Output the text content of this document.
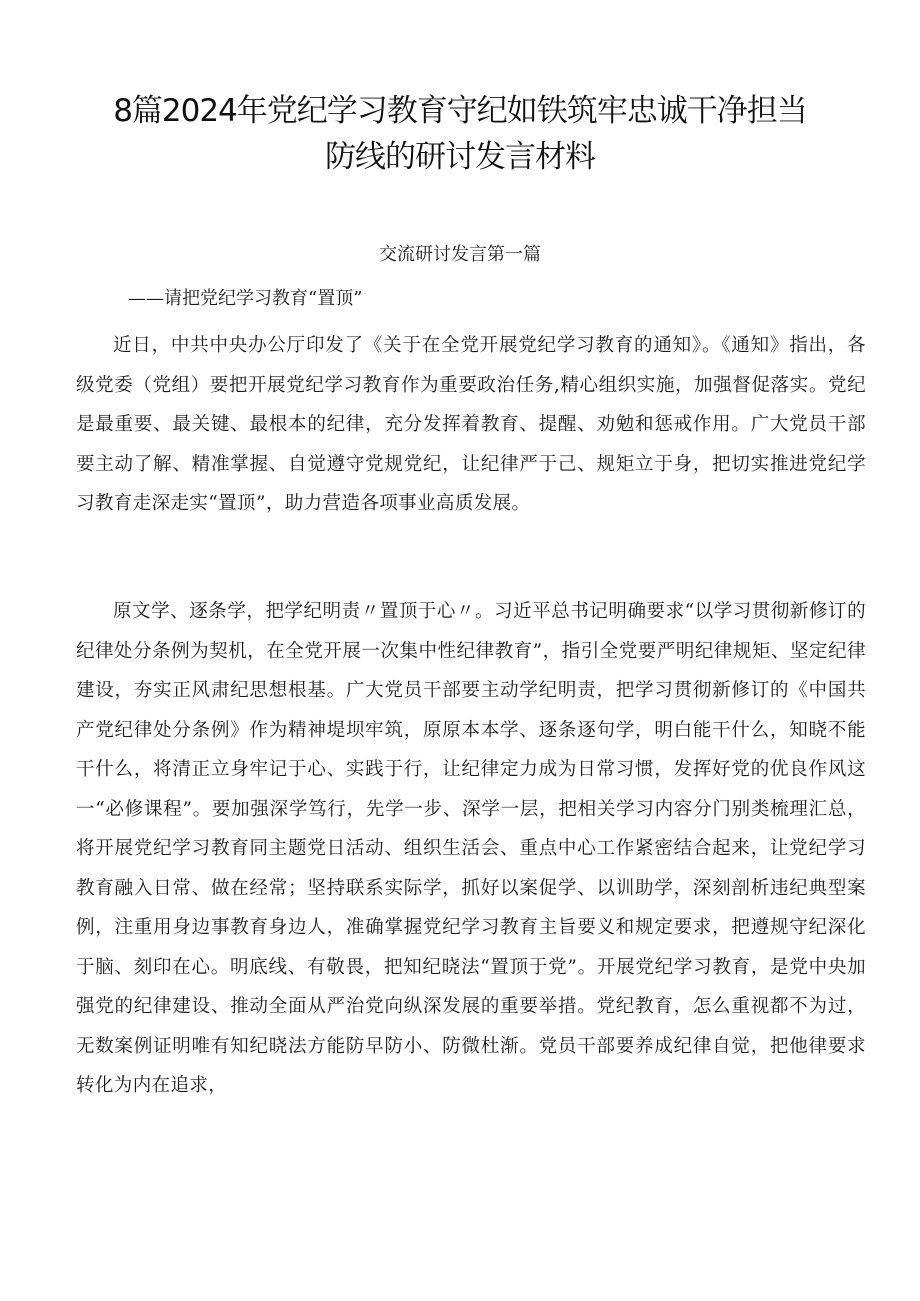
8篇2024年党纪学习教育守纪如铁筑牢忠诚干净担当
防线的研讨发言材料
交流研讨发言第一篇
——请把党纪学习教育“置顶”

近日，中共中央办公厅印发了《关于在全党开展党纪学习教育的通知》。《通知》指出，各级党委（党组）要把开展党纪学习教育作为重要政治任务,精心组织实施，加强督促落实。党纪是最重要、最关键、最根本的纪律，充分发挥着教育、提醒、劝勉和惩戒作用。广大党员干部要主动了解、精准掌握、自觉遵守党规党纪，让纪律严于己、规矩立于身，把切实推进党纪学习教育走深走实“置顶”，助力营造各项事业高质发展。

原文学、逐条学，把学纪明责〃置顶于心〃。习近平总书记明确要求“以学习贯彻新修订的纪律处分条例为契机，在全党开展一次集中性纪律教育”，指引全党要严明纪律规矩、坚定纪律建设，夯实正风肃纪思想根基。广大党员干部要主动学纪明责，把学习贯彻新修订的《中国共产党纪律处分条例》作为精神堤坝牢筑，原原本本学、逐条逐句学，明白能干什么，知晓不能干什么，将清正立身牢记于心、实践于行，让纪律定力成为日常习惯，发挥好党的优良作风这一“必修课程”。要加强深学笃行，先学一步、深学一层，把相关学习内容分门别类梳理汇总，将开展党纪学习教育同主题党日活动、组织生活会、重点中心工作紧密结合起来，让党纪学习教育融入日常、做在经常；坚持联系实际学，抓好以案促学、以训助学，深刻剖析违纪典型案例，注重用身边事教育身边人，准确掌握党纪学习教育主旨要义和规定要求，把遵规守纪深化于脑、刻印在心。明底线、有敬畏，把知纪晓法“置顶于党”。开展党纪学习教育，是党中央加强党的纪律建设、推动全面从严治党向纵深发展的重要举措。党纪教育，怎么重视都不为过，无数案例证明唯有知纪晓法方能防早防小、防微杜渐。党员干部要养成纪律自觉，把他律要求转化为内在追求，
